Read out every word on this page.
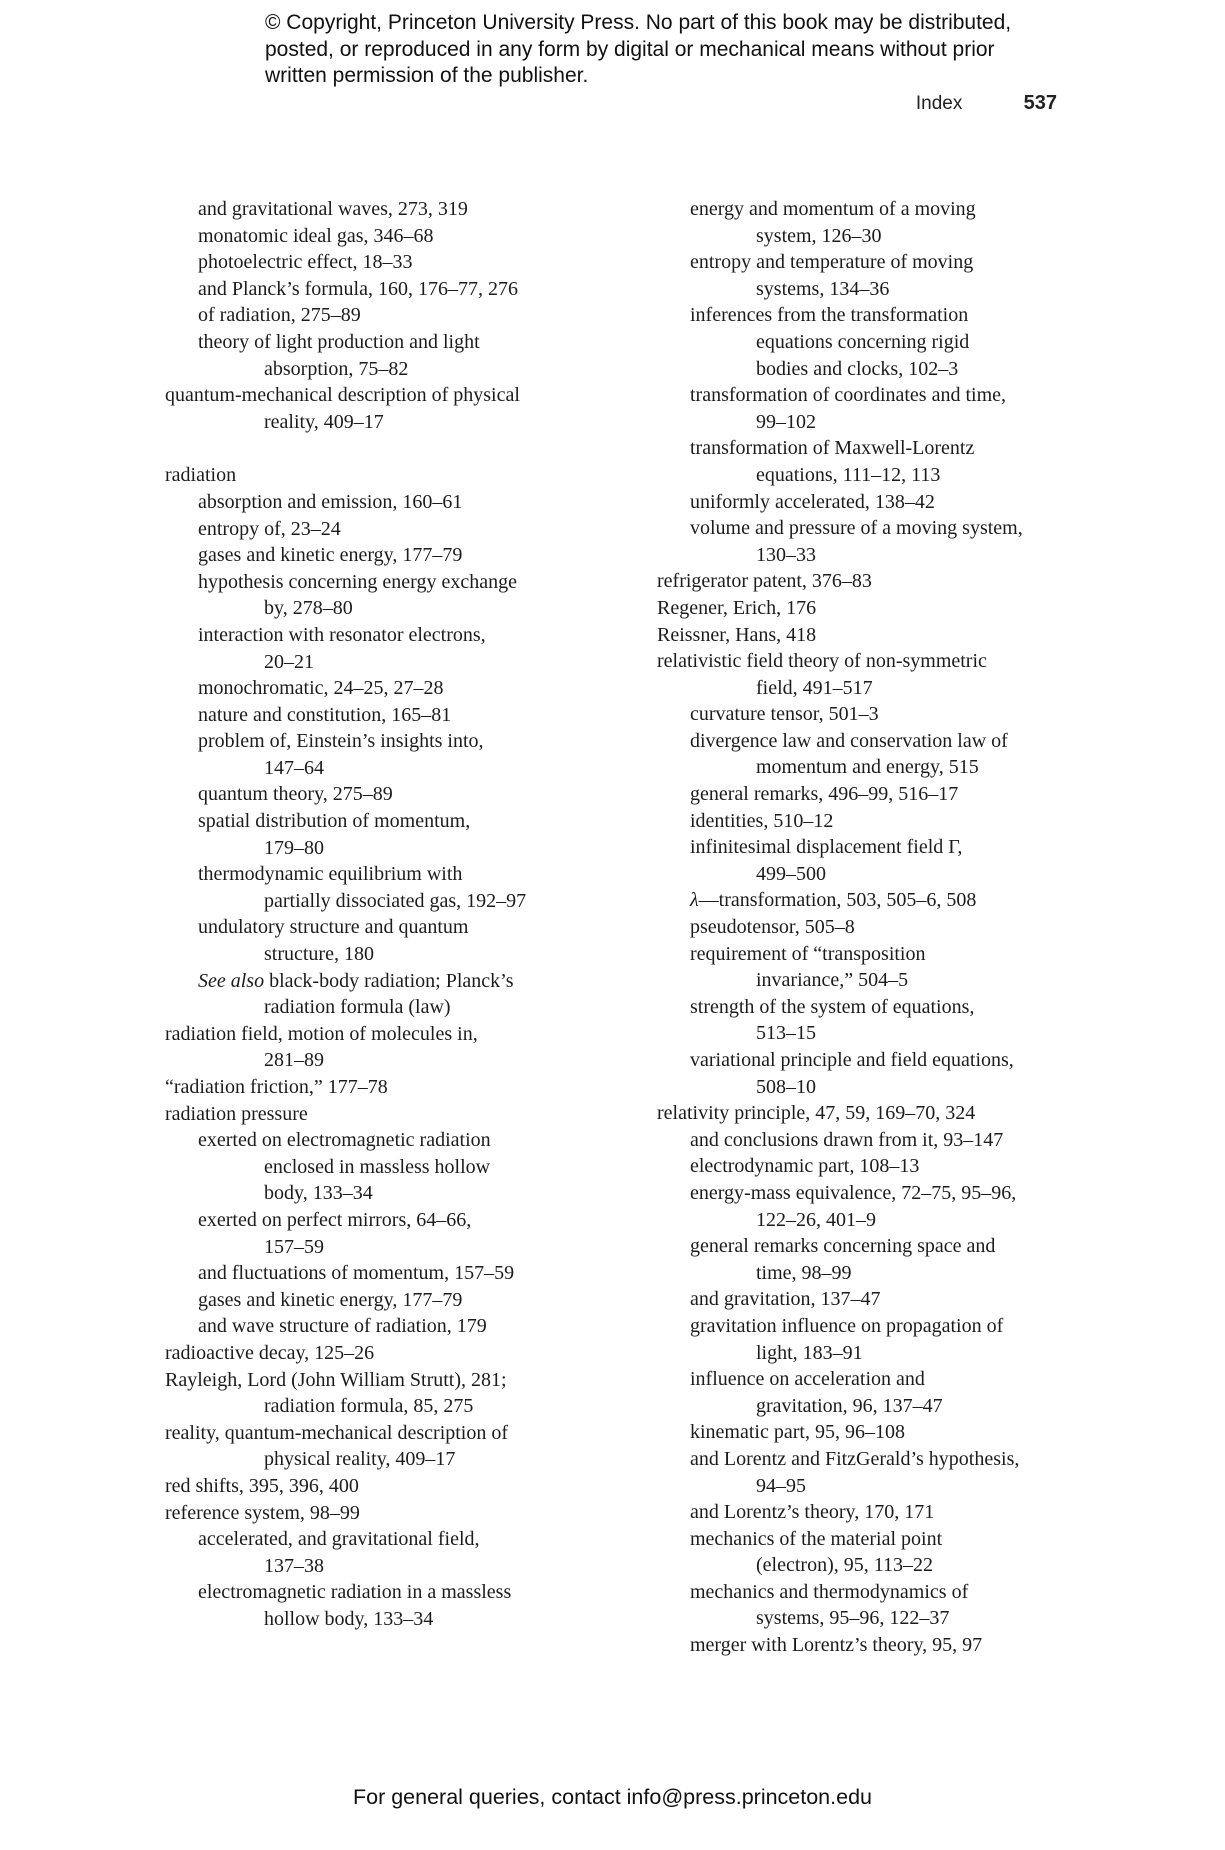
© Copyright, Princeton University Press. No part of this book may be distributed, posted, or reproduced in any form by digital or mechanical means without prior written permission of the publisher.
Index	537
and gravitational waves, 273, 319
monatomic ideal gas, 346–68
photoelectric effect, 18–33
and Planck’s formula, 160, 176–77, 276
of radiation, 275–89
theory of light production and light
absorption, 75–82
quantum-mechanical description of physical
reality, 409–17
radiation
absorption and emission, 160–61
entropy of, 23–24
gases and kinetic energy, 177–79
hypothesis concerning energy exchange
by, 278–80
interaction with resonator electrons,
20–21
monochromatic, 24–25, 27–28
nature and constitution, 165–81
problem of, Einstein’s insights into,
147–64
quantum theory, 275–89
spatial distribution of momentum,
179–80
thermodynamic equilibrium with
partially dissociated gas, 192–97
undulatory structure and quantum
structure, 180
See also black-body radiation; Planck’s
radiation formula (law)
radiation field, motion of molecules in,
281–89
“radiation friction,” 177–78
radiation pressure
exerted on electromagnetic radiation
enclosed in massless hollow
body, 133–34
exerted on perfect mirrors, 64–66,
157–59
and fluctuations of momentum, 157–59
gases and kinetic energy, 177–79
and wave structure of radiation, 179
radioactive decay, 125–26
Rayleigh, Lord (John William Strutt), 281;
radiation formula, 85, 275
reality, quantum-mechanical description of
physical reality, 409–17
red shifts, 395, 396, 400
reference system, 98–99
accelerated, and gravitational field,
137–38
electromagnetic radiation in a massless
hollow body, 133–34
energy and momentum of a moving
system, 126–30
entropy and temperature of moving
systems, 134–36
inferences from the transformation
equations concerning rigid
bodies and clocks, 102–3
transformation of coordinates and time,
99–102
transformation of Maxwell-Lorentz
equations, 111–12, 113
uniformly accelerated, 138–42
volume and pressure of a moving system,
130–33
refrigerator patent, 376–83
Regener, Erich, 176
Reissner, Hans, 418
relativistic field theory of non-symmetric
field, 491–517
curvature tensor, 501–3
divergence law and conservation law of
momentum and energy, 515
general remarks, 496–99, 516–17
identities, 510–12
infinitesimal displacement field Γ,
499–500
λ—transformation, 503, 505–6, 508
pseudotensor, 505–8
requirement of “transposition
invariance,” 504–5
strength of the system of equations,
513–15
variational principle and field equations,
508–10
relativity principle, 47, 59, 169–70, 324
and conclusions drawn from it, 93–147
electrodynamic part, 108–13
energy-mass equivalence, 72–75, 95–96,
122–26, 401–9
general remarks concerning space and
time, 98–99
and gravitation, 137–47
gravitation influence on propagation of
light, 183–91
influence on acceleration and
gravitation, 96, 137–47
kinematic part, 95, 96–108
and Lorentz and FitzGerald’s hypothesis,
94–95
and Lorentz’s theory, 170, 171
mechanics of the material point
(electron), 95, 113–22
mechanics and thermodynamics of
systems, 95–96, 122–37
merger with Lorentz’s theory, 95, 97
For general queries, contact info@press.princeton.edu
